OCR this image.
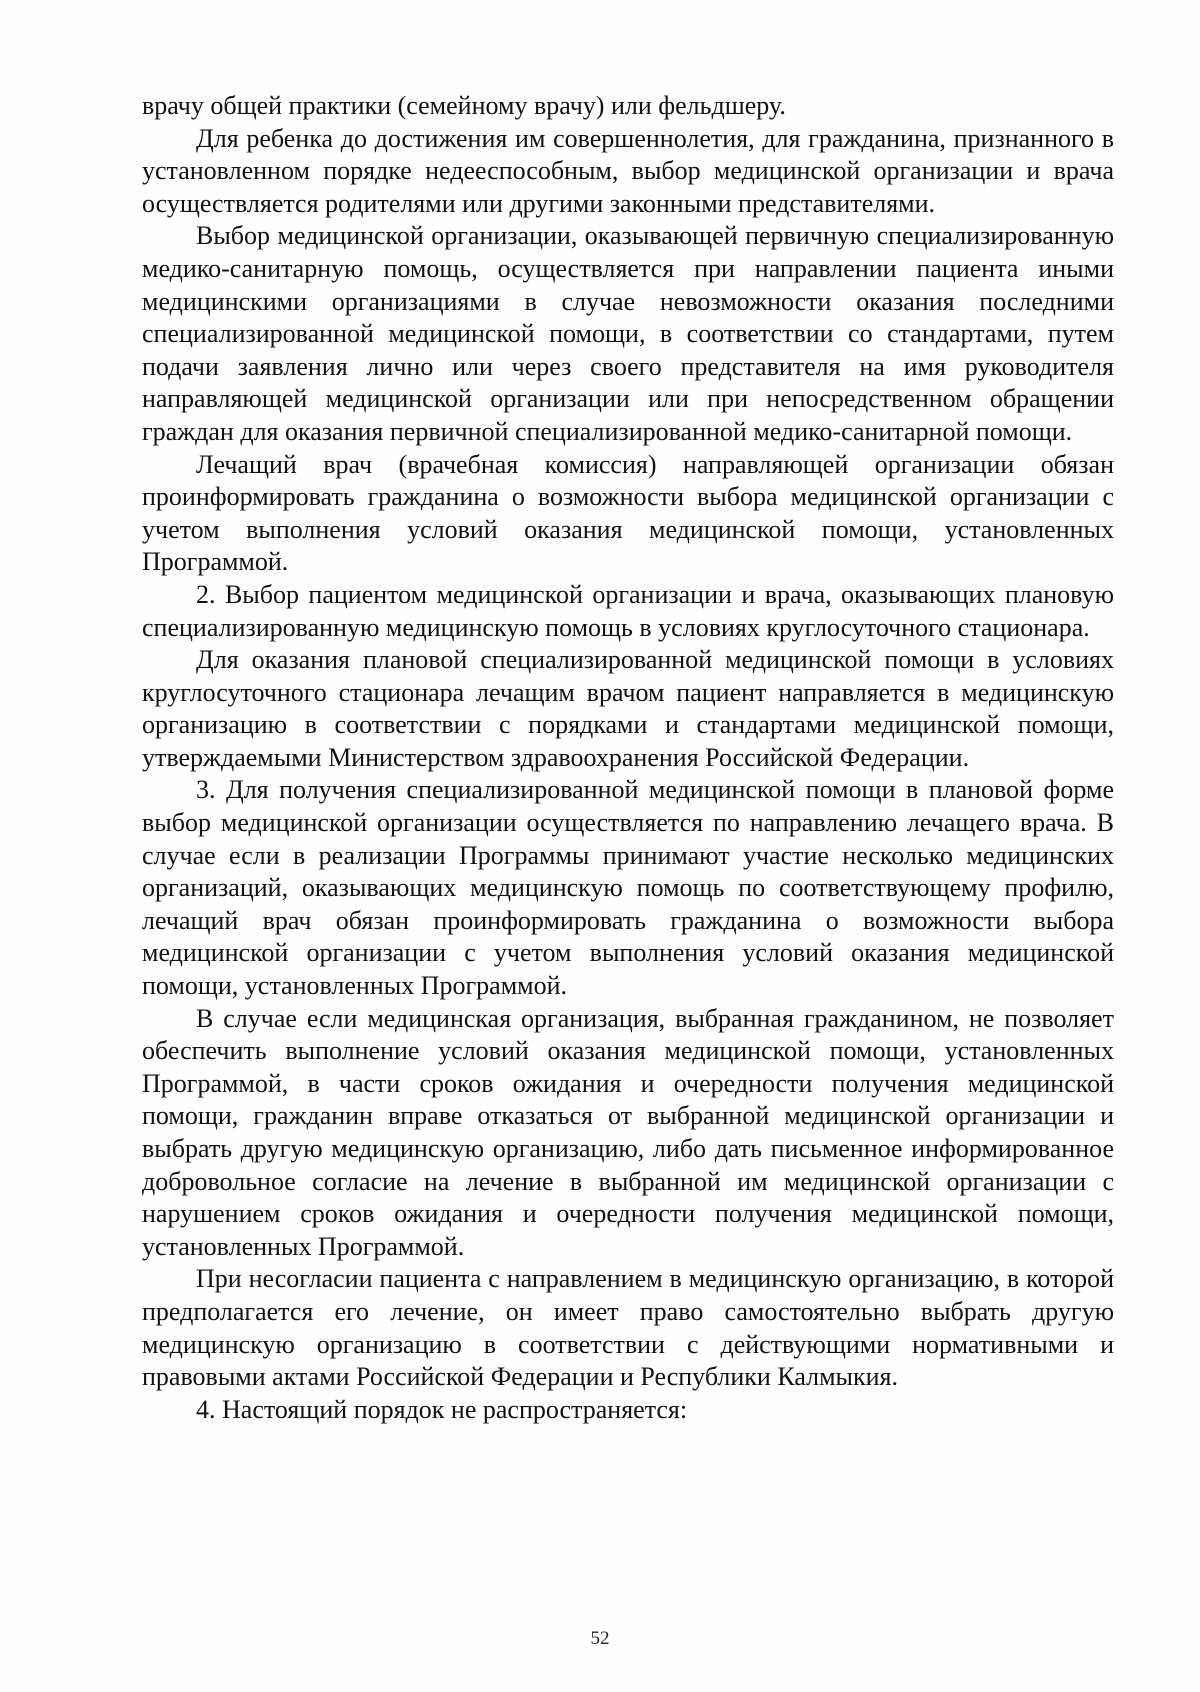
врачу общей практики (семейному врачу) или фельдшеру.

Для ребенка до достижения им совершеннолетия, для гражданина, признанного в установленном порядке недееспособным, выбор медицинской организации и врача осуществляется родителями или другими законными представителями.

Выбор медицинской организации, оказывающей первичную специализированную медико-санитарную помощь, осуществляется при направлении пациента иными медицинскими организациями в случае невозможности оказания последними специализированной медицинской помощи, в соответствии со стандартами, путем подачи заявления лично или через своего представителя на имя руководителя направляющей медицинской организации или при непосредственном обращении граждан для оказания первичной специализированной медико-санитарной помощи.

Лечащий врач (врачебная комиссия) направляющей организации обязан проинформировать гражданина о возможности выбора медицинской организации с учетом выполнения условий оказания медицинской помощи, установленных Программой.

2. Выбор пациентом медицинской организации и врача, оказывающих плановую специализированную медицинскую помощь в условиях круглосуточного стационара.

Для оказания плановой специализированной медицинской помощи в условиях круглосуточного стационара лечащим врачом пациент направляется в медицинскую организацию в соответствии с порядками и стандартами медицинской помощи, утверждаемыми Министерством здравоохранения Российской Федерации.

3. Для получения специализированной медицинской помощи в плановой форме выбор медицинской организации осуществляется по направлению лечащего врача. В случае если в реализации Программы принимают участие несколько медицинских организаций, оказывающих медицинскую помощь по соответствующему профилю, лечащий врач обязан проинформировать гражданина о возможности выбора медицинской организации с учетом выполнения условий оказания медицинской помощи, установленных Программой.

В случае если медицинская организация, выбранная гражданином, не позволяет обеспечить выполнение условий оказания медицинской помощи, установленных Программой, в части сроков ожидания и очередности получения медицинской помощи, гражданин вправе отказаться от выбранной медицинской организации и выбрать другую медицинскую организацию, либо дать письменное информированное добровольное согласие на лечение в выбранной им медицинской организации с нарушением сроков ожидания и очередности получения медицинской помощи, установленных Программой.

При несогласии пациента с направлением в медицинскую организацию, в которой предполагается его лечение, он имеет право самостоятельно выбрать другую медицинскую организацию в соответствии с действующими нормативными и правовыми актами Российской Федерации и Республики Калмыкия.

4. Настоящий порядок не распространяется:

52
